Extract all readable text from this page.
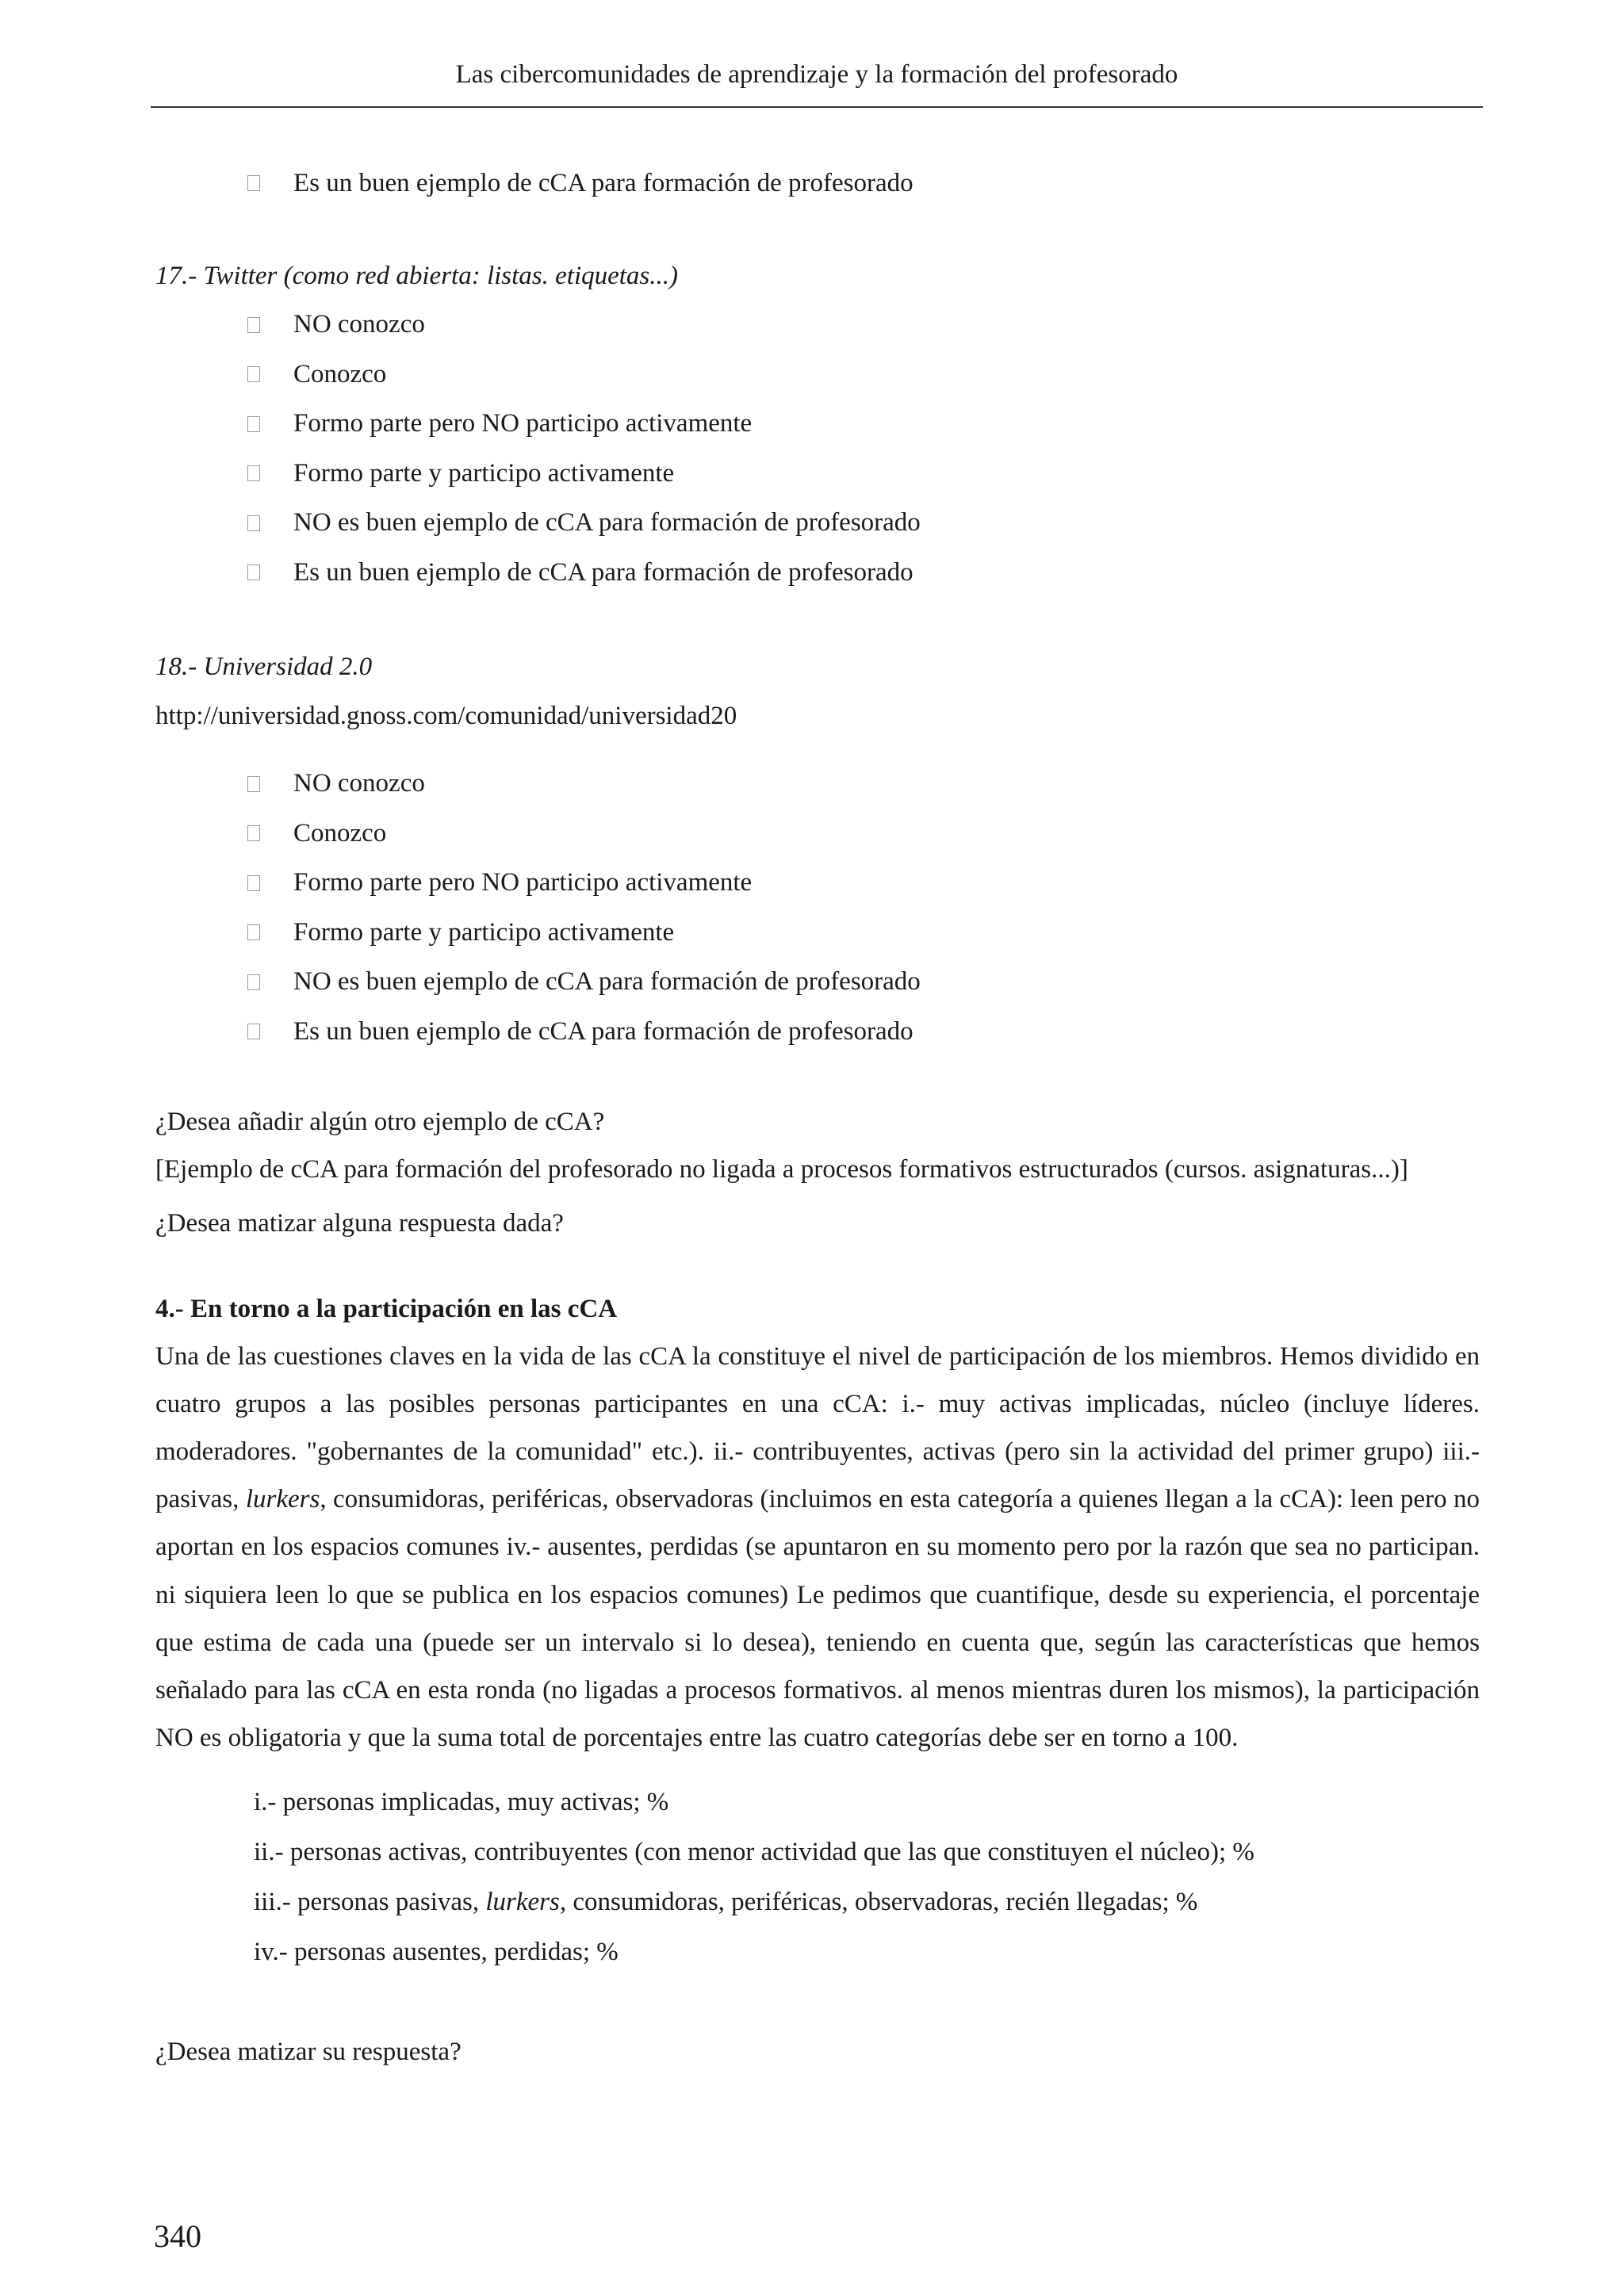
Las cibercomunidades de aprendizaje y la formación del profesorado
Es un buen ejemplo de cCA para formación de profesorado
17.- Twitter (como red abierta: listas. etiquetas...)
NO conozco
Conozco
Formo parte pero NO participo activamente
Formo parte y participo activamente
NO es buen ejemplo de cCA para formación de profesorado
Es un buen ejemplo de cCA para formación de profesorado
18.- Universidad 2.0
http://universidad.gnoss.com/comunidad/universidad20
NO conozco
Conozco
Formo parte pero NO participo activamente
Formo parte y participo activamente
NO es buen ejemplo de cCA para formación de profesorado
Es un buen ejemplo de cCA para formación de profesorado
¿Desea añadir algún otro ejemplo de cCA?
[Ejemplo de cCA para formación del profesorado no ligada a procesos formativos estructurados (cursos. asignaturas...)]
¿Desea matizar alguna respuesta dada?
4.- En torno a la participación en las cCA

Una de las cuestiones claves en la vida de las cCA la constituye el nivel de participación de los miembros. Hemos dividido en cuatro grupos a las posibles personas participantes en una cCA: i.- muy activas implicadas, núcleo (incluye líderes. moderadores. "gobernantes de la comunidad" etc.). ii.- contribuyentes, activas (pero sin la actividad del primer grupo) iii.- pasivas, lurkers, consumidoras, periféricas, observadoras (incluimos en esta categoría a quienes llegan a la cCA): leen pero no aportan en los espacios comunes iv.- ausentes, perdidas (se apuntaron en su momento pero por la razón que sea no participan. ni siquiera leen lo que se publica en los espacios comunes) Le pedimos que cuantifique, desde su experiencia, el porcentaje que estima de cada una (puede ser un intervalo si lo desea), teniendo en cuenta que, según las características que hemos señalado para las cCA en esta ronda (no ligadas a procesos formativos. al menos mientras duren los mismos), la participación NO es obligatoria y que la suma total de porcentajes entre las cuatro categorías debe ser en torno a 100.

i.- personas implicadas, muy activas; %
ii.- personas activas, contribuyentes (con menor actividad que las que constituyen el núcleo); %
iii.- personas pasivas, lurkers, consumidoras, periféricas, observadoras, recién llegadas; %
iv.- personas ausentes, perdidas; %
¿Desea matizar su respuesta?
340
